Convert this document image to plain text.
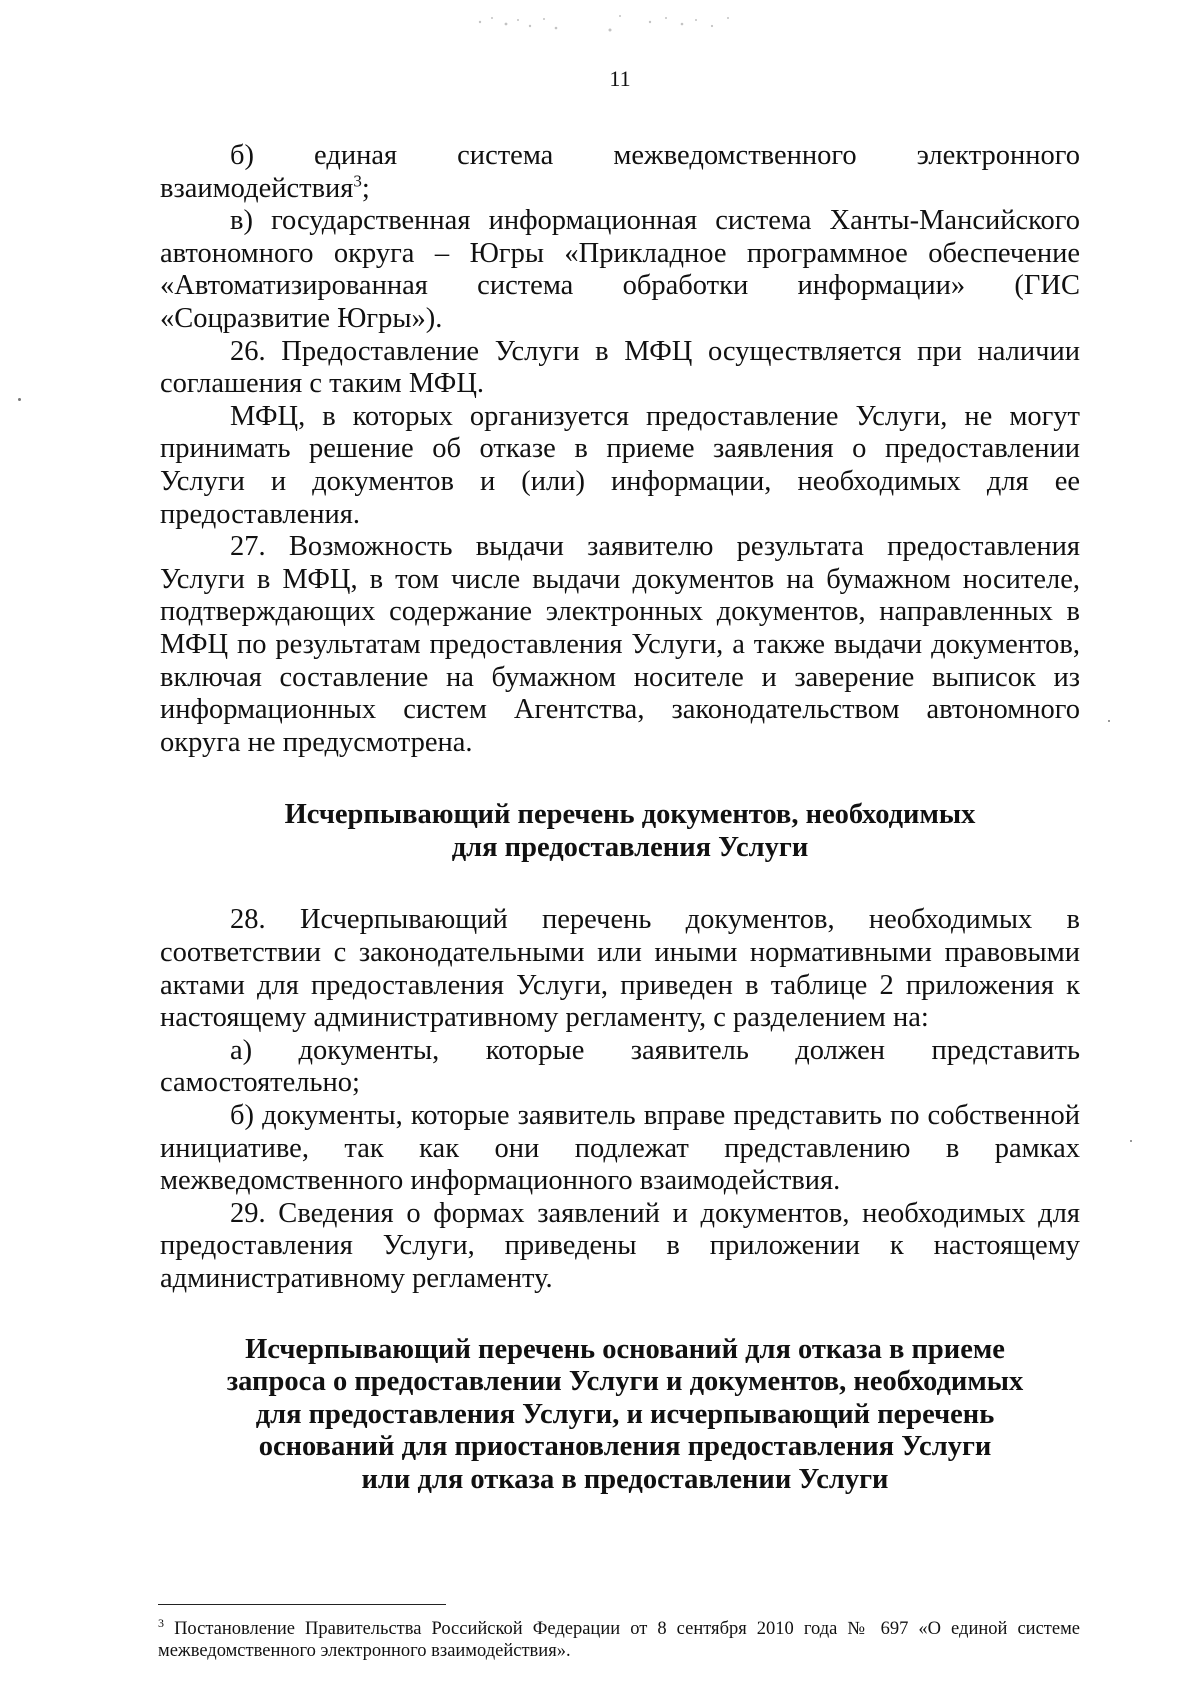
11

б) единая система межведомственного электронного взаимодействия$^3$;

в) государственная информационная система Ханты-Мансийского автономного округа – Югры «Прикладное программное обеспечение «Автоматизированная система обработки информации» (ГИС «Соцразвитие Югры»).

26. Предоставление Услуги в МФЦ осуществляется при наличии соглашения с таким МФЦ.

МФЦ, в которых организуется предоставление Услуги, не могут принимать решение об отказе в приеме заявления о предоставлении Услуги и документов и (или) информации, необходимых для ее предоставления.

27. Возможность выдачи заявителю результата предоставления Услуги в МФЦ, в том числе выдачи документов на бумажном носителе, подтверждающих содержание электронных документов, направленных в МФЦ по результатам предоставления Услуги, а также выдачи документов, включая составление на бумажном носителе и заверение выписок из информационных систем Агентства, законодательством автономного округа не предусмотрена.

Исчерпывающий перечень документов, необходимых

для предоставления Услуги

28. Исчерпывающий перечень документов, необходимых в соответствии с законодательными или иными нормативными правовыми актами для предоставления Услуги, приведен в таблице 2 приложения к настоящему административному регламенту, с разделением на:

а) документы, которые заявитель должен представить самостоятельно;

б) документы, которые заявитель вправе представить по собственной инициативе, так как они подлежат представлению в рамках межведомственного информационного взаимодействия.

29. Сведения о формах заявлений и документов, необходимых для предоставления Услуги, приведены в приложении к настоящему административному регламенту.

Исчерпывающий перечень оснований для отказа в приеме

запроса о предоставлении Услуги и документов, необходимых

для предоставления Услуги, и исчерпывающий перечень

оснований для приостановления предоставления Услуги

или для отказа в предоставлении Услуги

$^3$ Постановление Правительства Российской Федерации от 8 сентября 2010 года № 697 «О единой системе межведомственного электронного взаимодействия».
